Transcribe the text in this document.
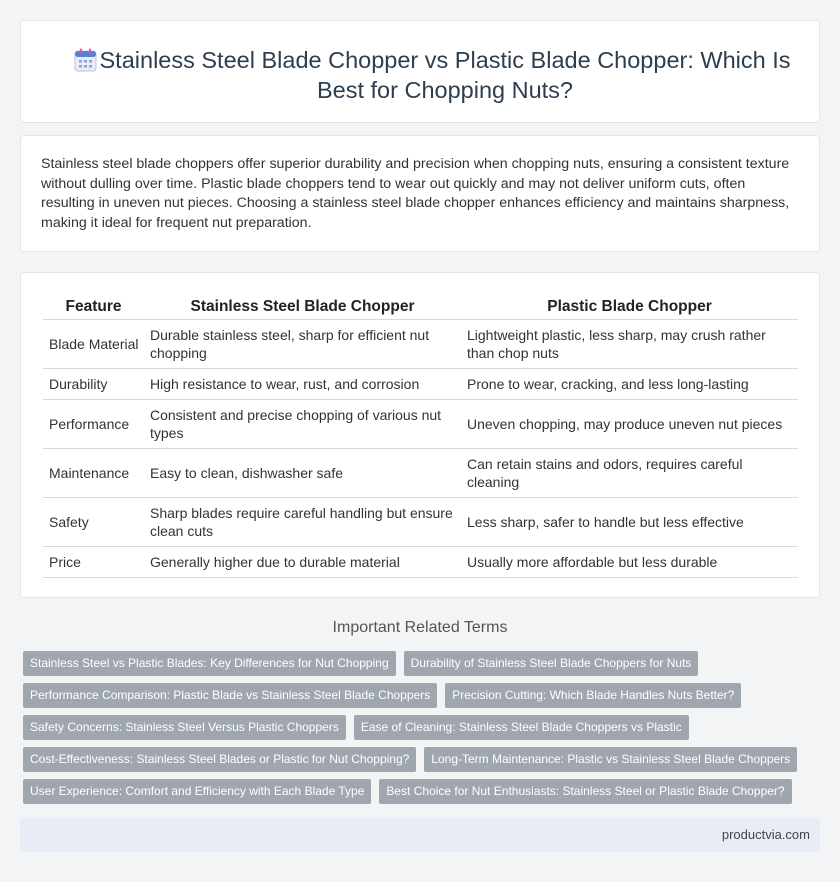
Stainless Steel Blade Chopper vs Plastic Blade Chopper: Which Is Best for Chopping Nuts?

Stainless steel blade choppers offer superior durability and precision when chopping nuts, ensuring a consistent texture without dulling over time. Plastic blade choppers tend to wear out quickly and may not deliver uniform cuts, often resulting in uneven nut pieces. Choosing a stainless steel blade chopper enhances efficiency and maintains sharpness, making it ideal for frequent nut preparation.

Feature	Stainless Steel Blade Chopper	Plastic Blade Chopper
Blade Material	Durable stainless steel, sharp for efficient nut chopping	Lightweight plastic, less sharp, may crush rather than chop nuts
Durability	High resistance to wear, rust, and corrosion	Prone to wear, cracking, and less long-lasting
Performance	Consistent and precise chopping of various nut types	Uneven chopping, may produce uneven nut pieces
Maintenance	Easy to clean, dishwasher safe	Can retain stains and odors, requires careful cleaning
Safety	Sharp blades require careful handling but ensure clean cuts	Less sharp, safer to handle but less effective
Price	Generally higher due to durable material	Usually more affordable but less durable
Important Related Terms
Stainless Steel vs Plastic Blades: Key Differences for Nut Chopping	Durability of Stainless Steel Blade Choppers for Nuts
Performance Comparison: Plastic Blade vs Stainless Steel Blade Choppers	Precision Cutting: Which Blade Handles Nuts Better?
Safety Concerns: Stainless Steel Versus Plastic Choppers	Ease of Cleaning: Stainless Steel Blade Choppers vs Plastic
Cost-Effectiveness: Stainless Steel Blades or Plastic for Nut Chopping?	Long-Term Maintenance: Plastic vs Stainless Steel Blade Choppers
User Experience: Comfort and Efficiency with Each Blade Type	Best Choice for Nut Enthusiasts: Stainless Steel or Plastic Blade Chopper?
productvia.com
